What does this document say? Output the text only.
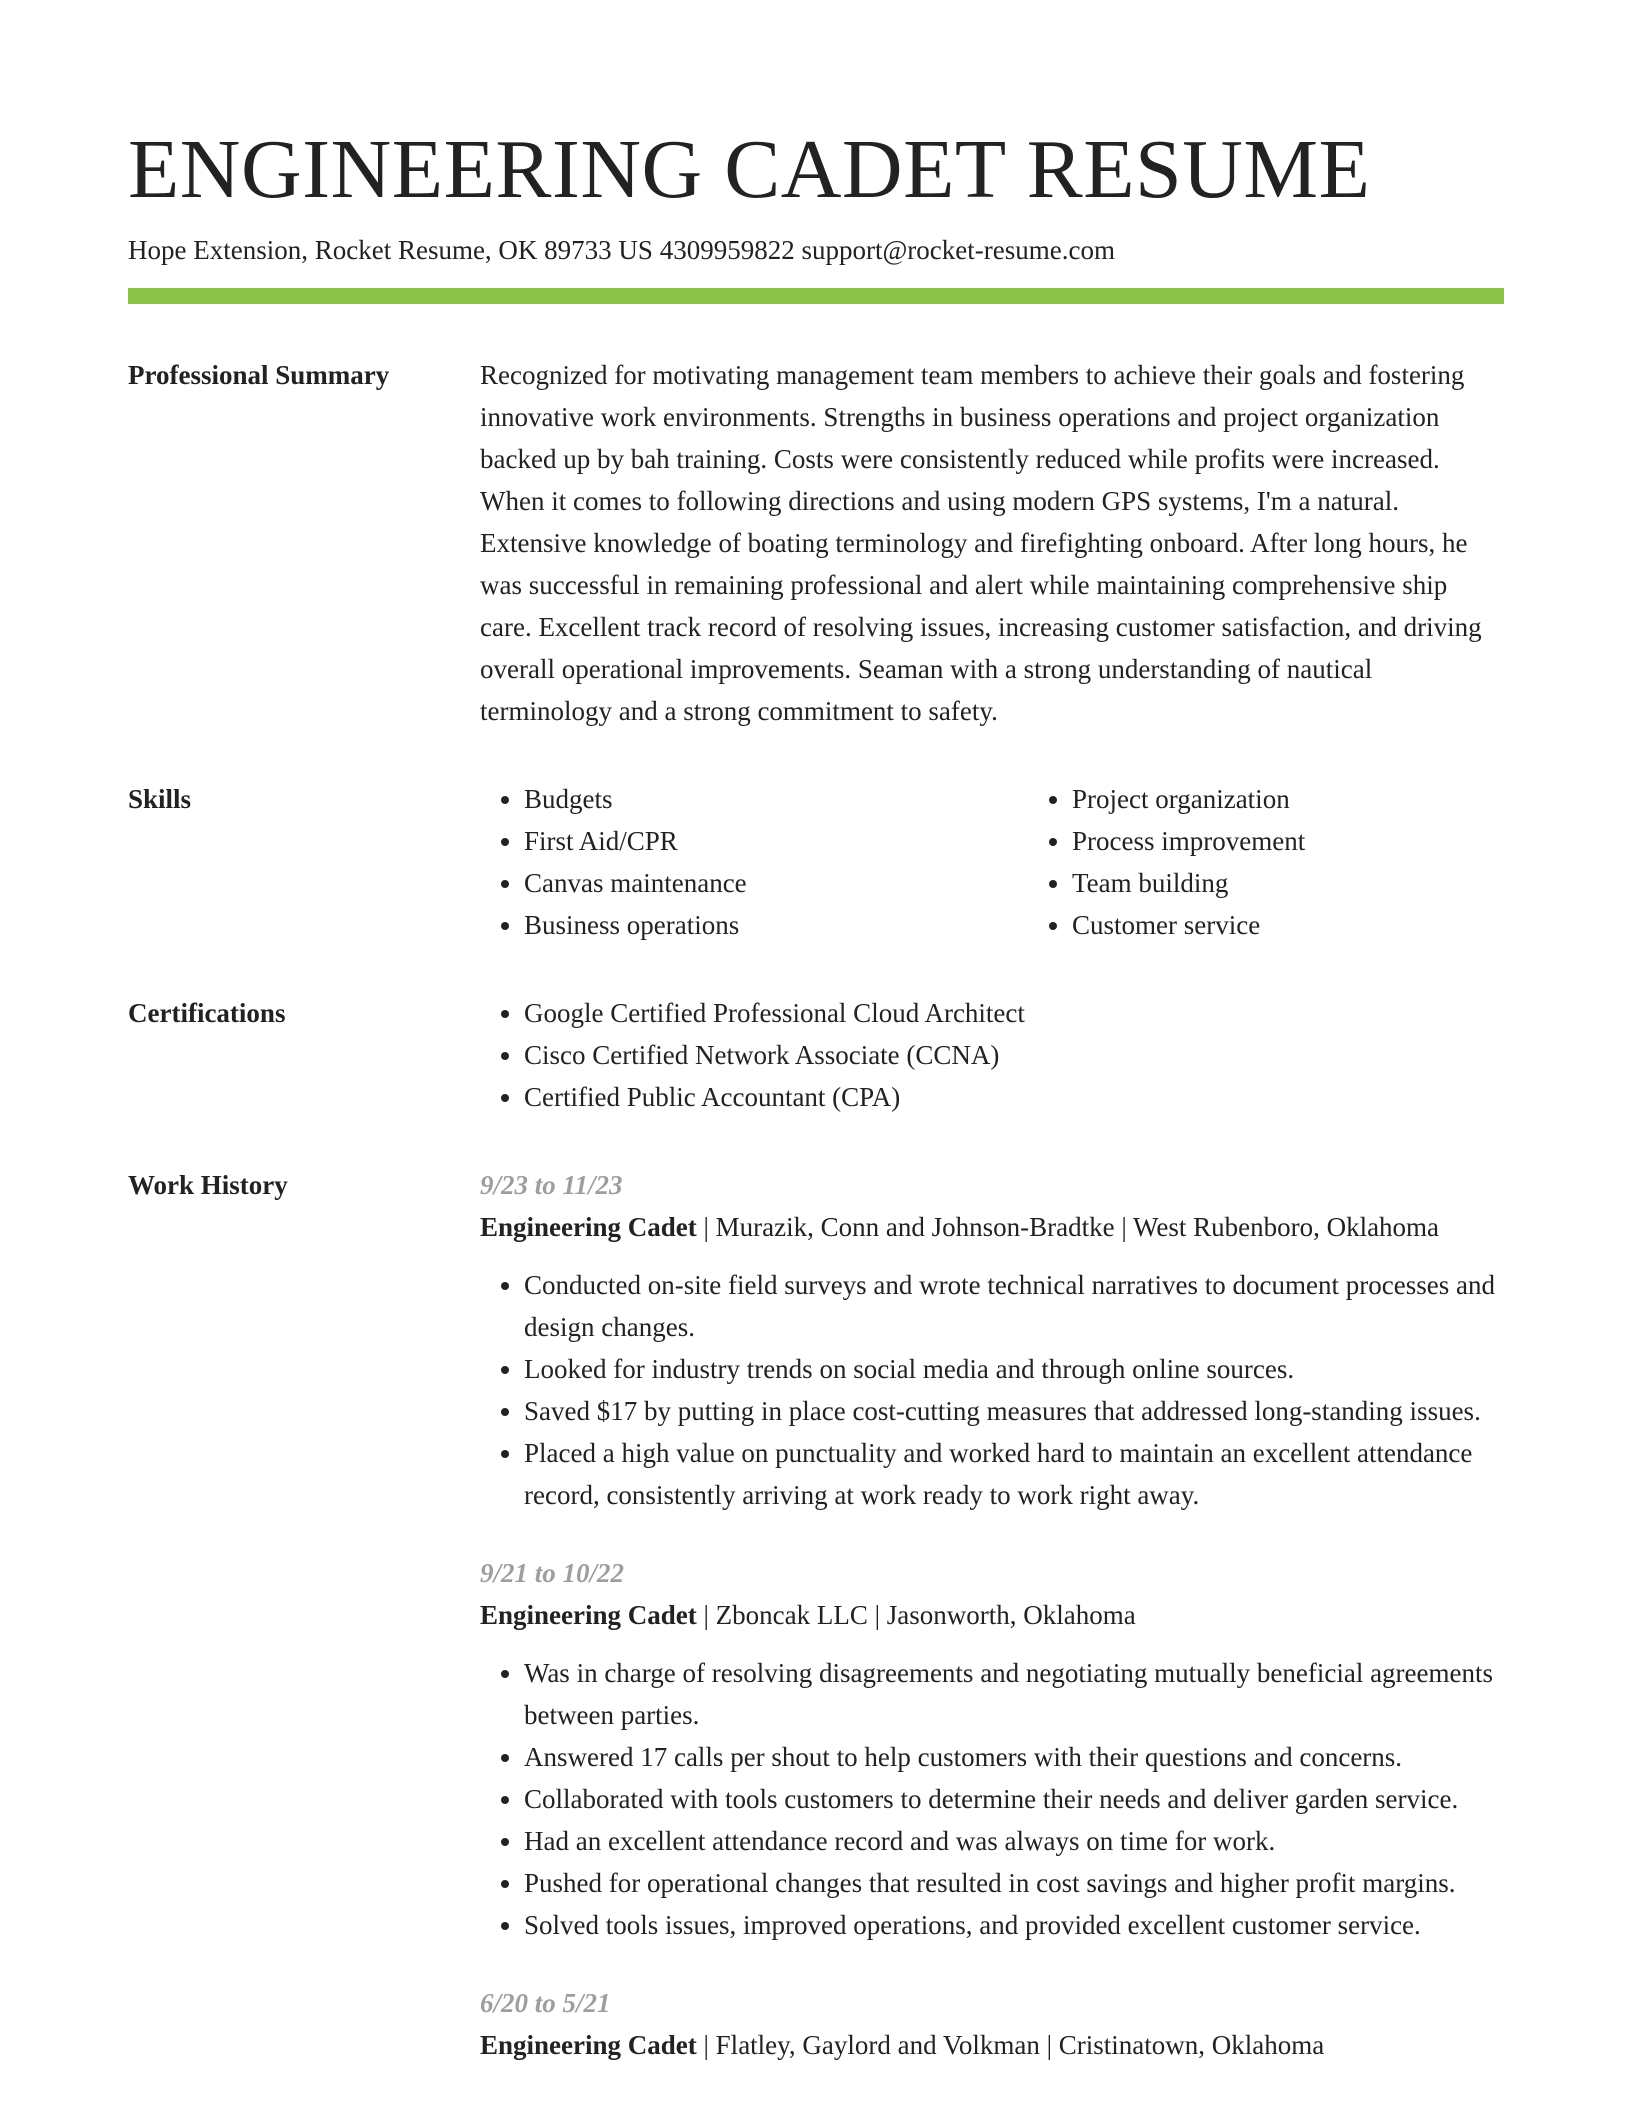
ENGINEERING CADET RESUME
Hope Extension, Rocket Resume, OK 89733 US 4309959822 support@rocket-resume.com
Professional Summary	Recognized for motivating management team members to achieve their goals and fostering innovative work environments. Strengths in business operations and project organization backed up by bah training. Costs were consistently reduced while profits were increased. When it comes to following directions and using modern GPS systems, I'm a natural. Extensive knowledge of boating terminology and firefighting onboard. After long hours, he was successful in remaining professional and alert while maintaining comprehensive ship care. Excellent track record of resolving issues, increasing customer satisfaction, and driving overall operational improvements. Seaman with a strong understanding of nautical terminology and a strong commitment to safety.

Skills	• Budgets
• First Aid/CPR
• Canvas maintenance
• Business operations
• Project organization
• Process improvement
• Team building
• Customer service
Certifications	• Google Certified Professional Cloud Architect
• Cisco Certified Network Associate (CCNA)
• Certified Public Accountant (CPA)
Work History	9/23 to 11/23
Engineering Cadet | Murazik, Conn and Johnson-Bradtke | West Rubenboro, Oklahoma
• Conducted on-site field surveys and wrote technical narratives to document processes and design changes.
• Looked for industry trends on social media and through online sources.
• Saved $17 by putting in place cost-cutting measures that addressed long-standing issues.
• Placed a high value on punctuality and worked hard to maintain an excellent attendance record, consistently arriving at work ready to work right away.
9/21 to 10/22
Engineering Cadet | Zboncak LLC | Jasonworth, Oklahoma
• Was in charge of resolving disagreements and negotiating mutually beneficial agreements between parties.
• Answered 17 calls per shout to help customers with their questions and concerns.
• Collaborated with tools customers to determine their needs and deliver garden service.
• Had an excellent attendance record and was always on time for work.
• Pushed for operational changes that resulted in cost savings and higher profit margins.
• Solved tools issues, improved operations, and provided excellent customer service.
6/20 to 5/21
Engineering Cadet | Flatley, Gaylord and Volkman | Cristinatown, Oklahoma
